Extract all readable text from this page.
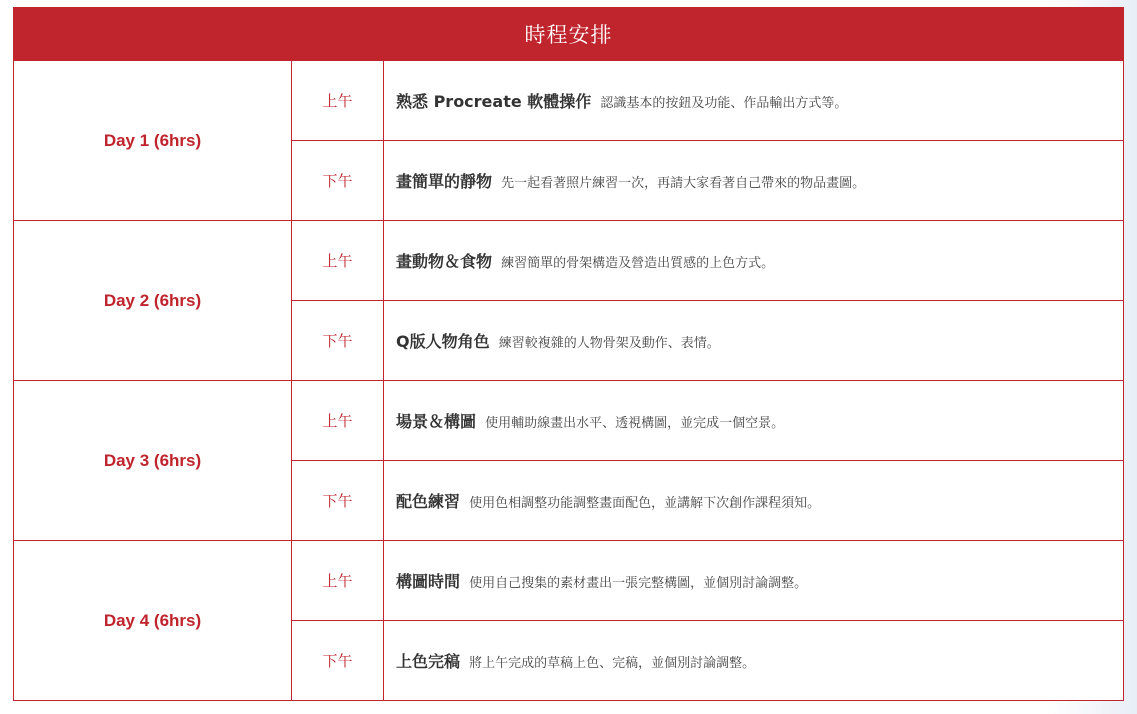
時程安排		
Day 1 (6hrs)	上午	熟悉 Procreate 軟體操作 認識基本的按鈕及功能、作品輸出方式等。
	下午	畫簡單的靜物 先一起看著照片練習一次，再請大家看著自己帶來的物品畫圖。
Day 2 (6hrs)	上午	畫動物＆食物 練習簡單的骨架構造及營造出質感的上色方式。
	下午	Q版人物角色 練習較複雜的人物骨架及動作、表情。
Day 3 (6hrs)	上午	場景＆構圖 使用輔助線畫出水平、透視構圖，並完成一個空景。
	下午	配色練習 使用色相調整功能調整畫面配色，並講解下次創作課程須知。
Day 4 (6hrs)	上午	構圖時間 使用自己搜集的素材畫出一張完整構圖，並個別討論調整。
	下午	上色完稿 將上午完成的草稿上色、完稿，並個別討論調整。
